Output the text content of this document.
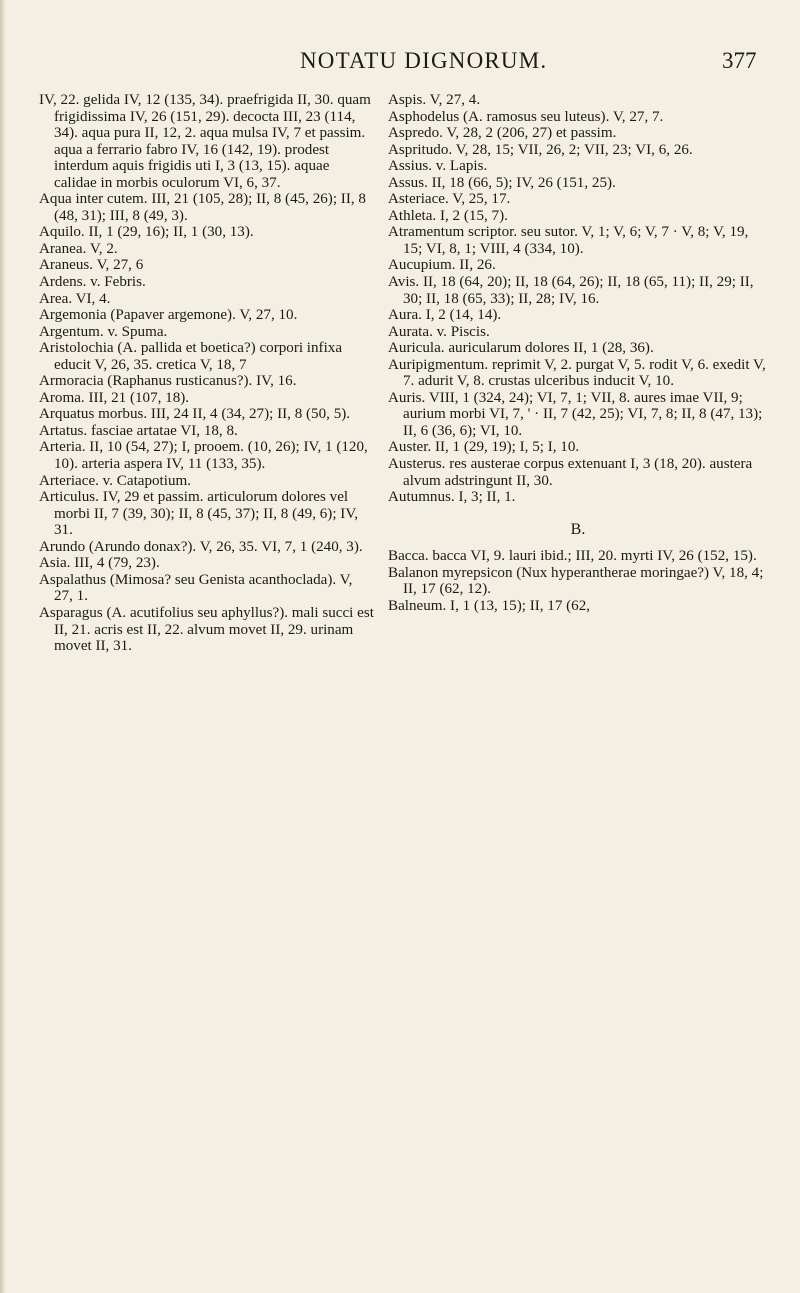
NOTATU DIGNORUM.	377

IV, 22. gelida IV, 12 (135, 34). praefrigida II, 30. quam frigidissima IV, 26 (151, 29). decocta III, 23 (114, 34). aqua pura II, 12, 2. aqua mulsa IV, 7 et passim. aqua a ferrario fabro IV, 16 (142, 19). prodest interdum aquis frigidis uti I, 3 (13, 15). aquae calidae in morbis oculorum VI, 6, 37.

Aqua inter cutem. III, 21 (105, 28); II, 8 (45, 26); II, 8 (48, 31); III, 8 (49, 3).

Aquilo. II, 1 (29, 16); II, 1 (30, 13).

Aranea. V, 2.

Araneus. V, 27, 6

Ardens. v. Febris.

Area. VI, 4.

Argemonia (Papaver argemone). V, 27, 10.

Argentum. v. Spuma.

Aristolochia (A. pallida et boetica?) corpori infixa educit V, 26, 35. cretica V, 18, 7

Armoracia (Raphanus rusticanus?). IV, 16.

Aroma. III, 21 (107, 18).

Arquatus morbus. III, 24 II, 4 (34, 27); II, 8 (50, 5).

Artatus. fasciae artatae VI, 18, 8.

Arteria. II, 10 (54, 27); I, prooem. (10, 26); IV, 1 (120, 10). arteria aspera IV, 11 (133, 35).

Arteriace. v. Catapotium.

Articulus. IV, 29 et passim. articulorum dolores vel morbi II, 7 (39, 30); II, 8 (45, 37); II, 8 (49, 6); IV, 31.

Arundo (Arundo donax?). V, 26, 35. VI, 7, 1 (240, 3).

Asia. III, 4 (79, 23).

Aspalathus (Mimosa? seu Genista acanthoclada). V, 27, 1.

Asparagus (A. acutifolius seu aphyllus?). mali succi est II, 21. acris est II, 22. alvum movet II, 29. urinam movet II, 31.

Aspis. V, 27, 4.

Asphodelus (A. ramosus seu luteus). V, 27, 7.

Aspredo. V, 28, 2 (206, 27) et passim.

Aspritudo. V, 28, 15; VII, 26, 2; VII, 23; VI, 6, 26.

Assius. v. Lapis.

Assus. II, 18 (66, 5); IV, 26 (151, 25).

Asteriace. V, 25, 17.

Athleta. I, 2 (15, 7).

Atramentum scriptor. seu sutor. V, 1; V, 6; V, 7 · V, 8; V, 19, 15; VI, 8, 1; VIII, 4 (334, 10).

Aucupium. II, 26.

Avis. II, 18 (64, 20); II, 18 (64, 26); II, 18 (65, 11); II, 29; II, 30; II, 18 (65, 33); II, 28; IV, 16.

Aura. I, 2 (14, 14).

Aurata. v. Piscis.

Auricula. auricularum dolores II, 1 (28, 36).

Auripigmentum. reprimit V, 2. purgat V, 5. rodit V, 6. exedit V, 7. adurit V, 8. crustas ulceribus inducit V, 10.

Auris. VIII, 1 (324, 24); VI, 7, 1; VII, 8. aures imae VII, 9; aurium morbi VI, 7, ' · II, 7 (42, 25); VI, 7, 8; II, 8 (47, 13); II, 6 (36, 6); VI, 10.

Auster. II, 1 (29, 19); I, 5; I, 10.

Austerus. res austerae corpus extenuant I, 3 (18, 20). austera alvum adstringunt II, 30.

Autumnus. I, 3; II, 1.

B.

Bacca. bacca VI, 9. lauri ibid.; III, 20. myrti IV, 26 (152, 15).

Balanon myrepsicon (Nux hyperantherae moringae?) V, 18, 4; II, 17 (62, 12).

Balneum. I, 1 (13, 15); II, 17 (62,
